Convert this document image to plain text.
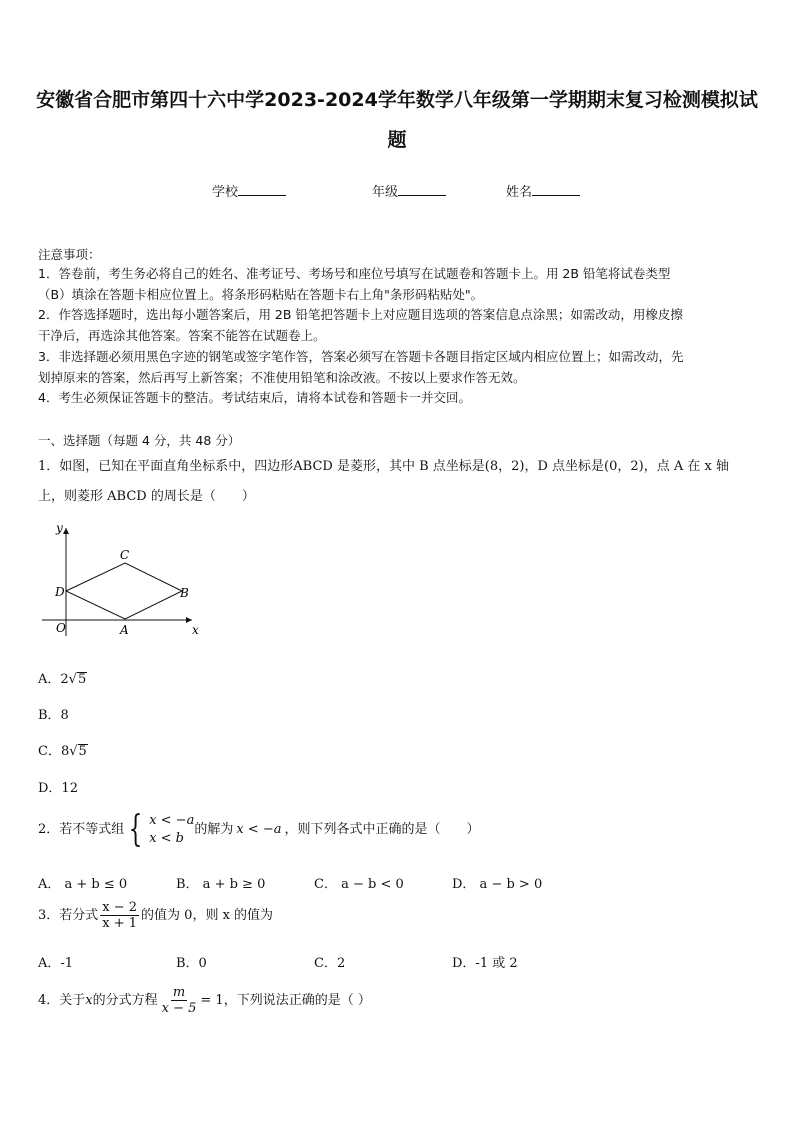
安徽省合肥市第四十六中学2023-2024学年数学八年级第一学期期末复习检测模拟试
题
学校	年级	姓名
注意事项：
1．答卷前，考生务必将自己的姓名、准考证号、考场号和座位号填写在试题卷和答题卡上。用 2B 铅笔将试卷类型
（B）填涂在答题卡相应位置上。将条形码粘贴在答题卡右上角"条形码粘贴处"。
2．作答选择题时，选出每小题答案后，用 2B 铅笔把答题卡上对应题目选项的答案信息点涂黑；如需改动，用橡皮擦
干净后，再选涂其他答案。答案不能答在试题卷上。
3．非选择题必须用黑色字迹的钢笔或签字笔作答，答案必须写在答题卡各题目指定区域内相应位置上；如需改动，先
划掉原来的答案，然后再写上新答案；不准使用铅笔和涂改液。不按以上要求作答无效。
4．考生必须保证答题卡的整洁。考试结束后，请将本试卷和答题卡一并交回。
一、选择题（每题 4 分，共 48 分）
1．如图，已知在平面直角坐标系中，四边形ABCD 是菱形，其中 B 点坐标是(8，2)，D 点坐标是(0，2)，点 A 在 x 轴
上，则菱形 ABCD 的周长是（　　）
y
x
O	A
B
C
D
A．2√5
B．8
C．8√5
D．12
2．若不等式组 { x < −a
x < b
的解为 x < −a ，则下列各式中正确的是（　　）
A． a + b ≤ 0	B． a + b ≥ 0	C． a − b < 0	D． a − b > 0
3．若分式 $\frac{x - 2}{x + 1}$ 的值为 0，则 x 的值为
A．-1	B．0	C．2	D．-1 或 2
4．关于 x 的分式方程 $\frac{m}{x - 5} = 1$ ，下列说法正确的是（ ）
